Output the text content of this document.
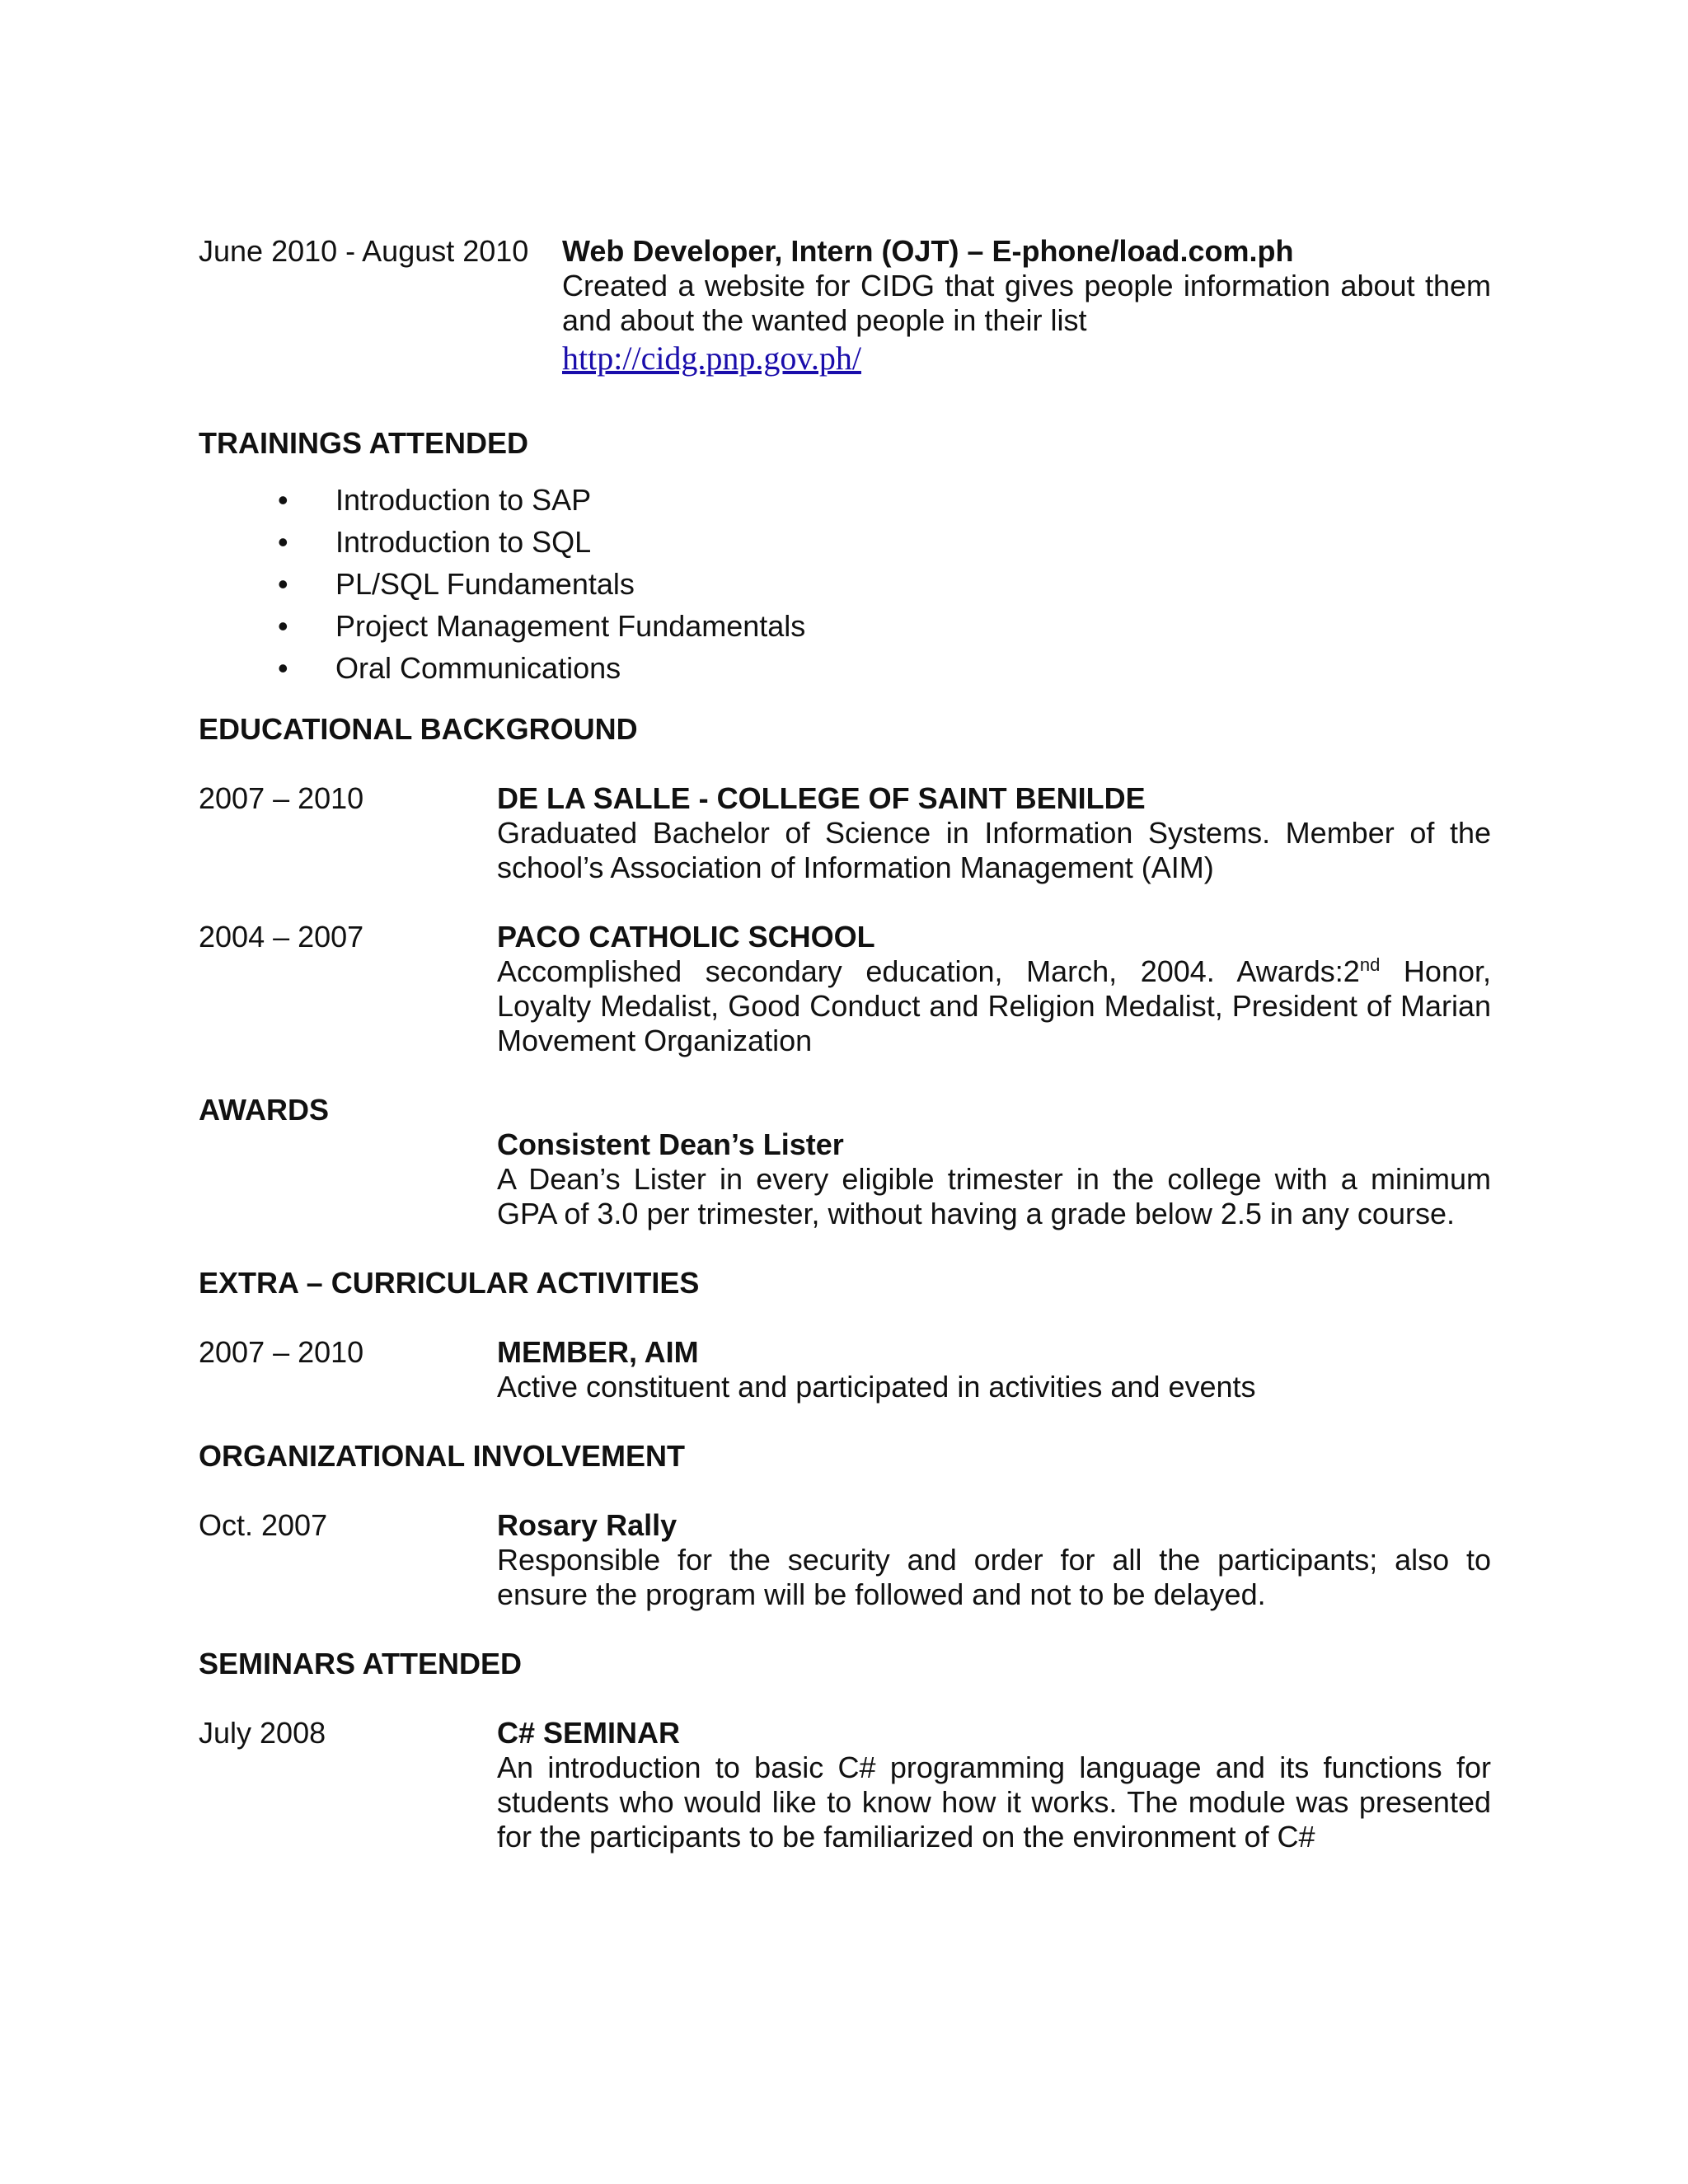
June 2010 - August 2010	Web Developer, Intern (OJT) – E-phone/load.com.ph
Created a website for CIDG that gives people information about them and about the wanted people in their list
http://cidg.pnp.gov.ph/
TRAININGS ATTENDED
• Introduction to SAP
• Introduction to SQL
• PL/SQL Fundamentals
• Project Management Fundamentals
• Oral Communications
EDUCATIONAL BACKGROUND
2007 – 2010	DE LA SALLE - COLLEGE OF SAINT BENILDE
Graduated Bachelor of Science in Information Systems. Member of the school’s Association of Information Management (AIM)
2004 – 2007	PACO CATHOLIC SCHOOL
Accomplished secondary education, March, 2004. Awards:2nd Honor, Loyalty Medalist, Good Conduct and Religion Medalist, President of Marian Movement Organization
AWARDS
Consistent Dean’s Lister
A Dean’s Lister in every eligible trimester in the college with a minimum GPA of 3.0 per trimester, without having a grade below 2.5 in any course.
EXTRA – CURRICULAR ACTIVITIES
2007 – 2010	MEMBER, AIM
Active constituent and participated in activities and events
ORGANIZATIONAL INVOLVEMENT
Oct. 2007	Rosary Rally
Responsible for the security and order for all the participants; also to ensure the program will be followed and not to be delayed.
SEMINARS ATTENDED
July 2008	C# SEMINAR
An introduction to basic C# programming language and its functions for students who would like to know how it works. The module was presented for the participants to be familiarized on the environment of C#
